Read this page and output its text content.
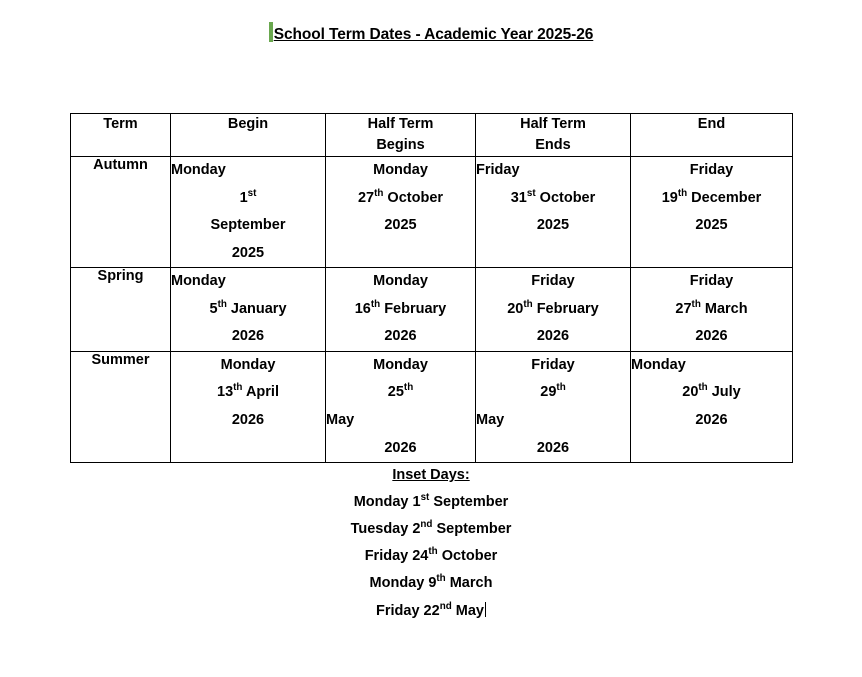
School Term Dates - Academic Year 2025-26
Term	Begin	Half Term
Begins	Half Term
Ends	End
Autumn	Monday
1st
September
2025	Monday
27th October
2025	Friday
31st October
2025	Friday
19th December
2025

Spring	Monday
5th January
2026	Monday
16th February
2026	Friday
20th February
2026	Friday
27th March
2026

Summer	Monday
13th April
2026	Monday
25th
May
2026	Friday
29th
May
2026	Monday
20th July
2026
Inset Days:
Monday 1st September
Tuesday 2nd September
Friday 24th October
Monday 9th March
Friday 22nd May
